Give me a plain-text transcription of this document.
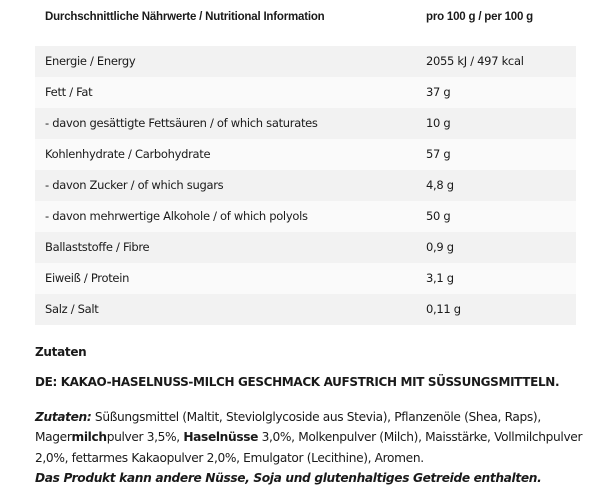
Durchschnittliche Nährwerte / Nutritional Information	pro 100 g / per 100 g
Energie / Energy	2055 kJ / 497 kcal
Fett / Fat	37 g
- davon gesättigte Fettsäuren / of which saturates	10 g
Kohlenhydrate / Carbohydrate	57 g
- davon Zucker / of which sugars	4,8 g
- davon mehrwertige Alkohole / of which polyols	50 g
Ballaststoffe / Fibre	0,9 g
Eiweiß / Protein	3,1 g
Salz / Salt	0,11 g
Zutaten
DE: KAKAO-HASELNUSS-MILCH GESCHMACK AUFSTRICH MIT SÜSSUNGSMITTELN.

Zutaten: Süßungsmittel (Maltit, Steviolglycoside aus Stevia), Pflanzenöle (Shea, Raps), Magermilchpulver 3,5%, Haselnüsse 3,0%, Molkenpulver (Milch), Maisstärke, Vollmilchpulver 2,0%, fettarmes Kakaopulver 2,0%, Emulgator (Lecithine), Aromen.

Das Produkt kann andere Nüsse, Soja und glutenhaltiges Getreide enthalten.
